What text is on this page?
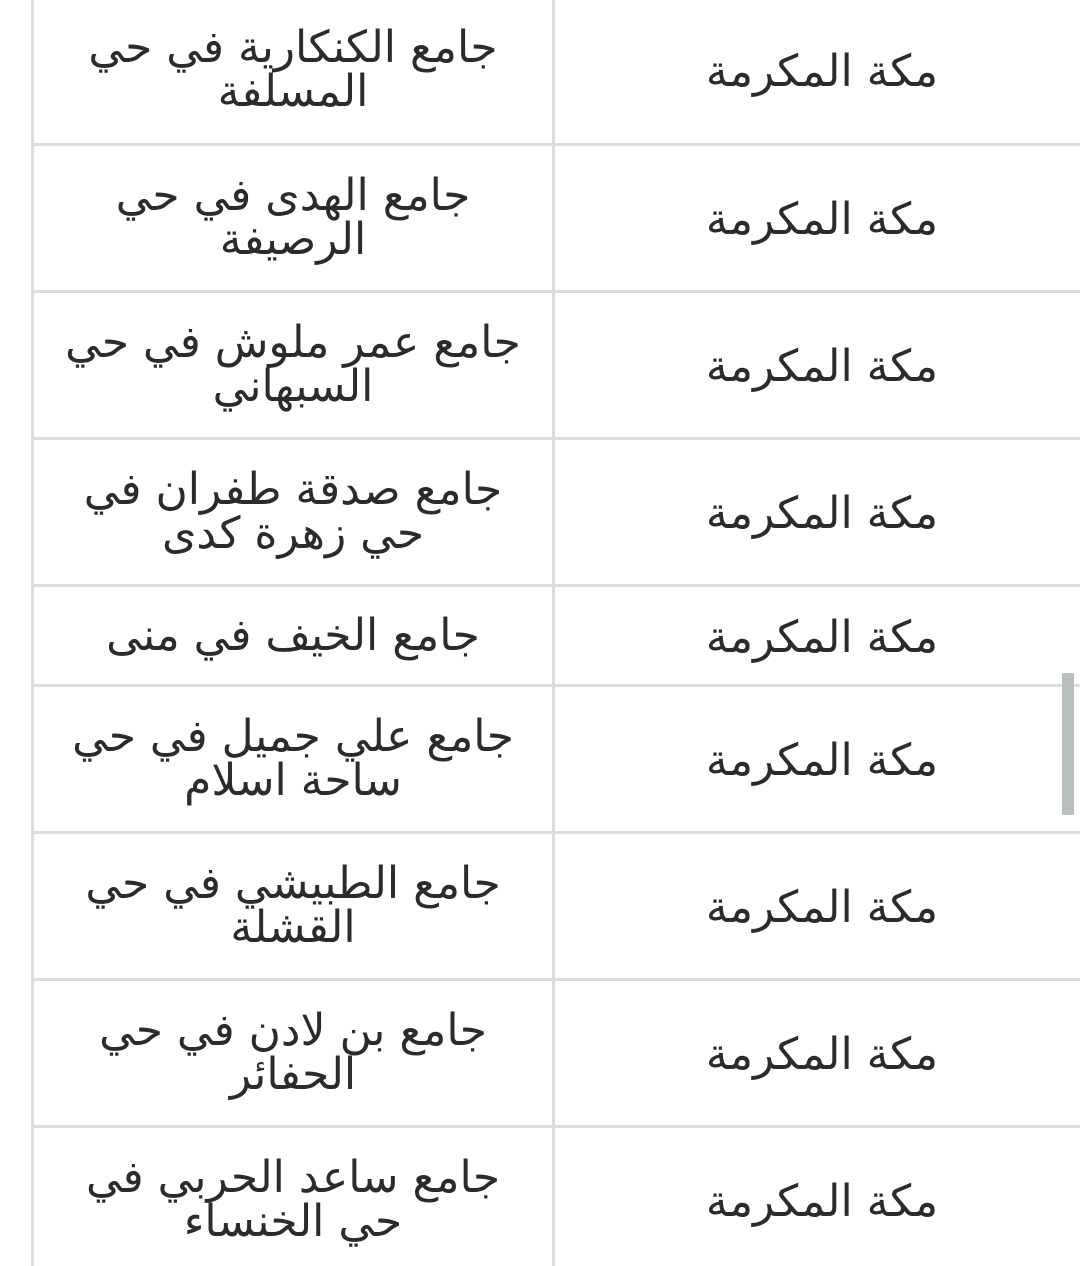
مكة المكرمة	جامع الكنكارية في حي المسلفة
مكة المكرمة	جامع الهدى في حي الرصيفة
مكة المكرمة	جامع عمر ملوش في حي السبهاني
مكة المكرمة	جامع صدقة طفران في حي زهرة كدى
مكة المكرمة	جامع الخيف في منى
مكة المكرمة	جامع علي جميل في حي ساحة اسلام
مكة المكرمة	جامع الطبيشي في حي القشلة
مكة المكرمة	جامع بن لادن في حي الحفائر
مكة المكرمة	جامع ساعد الحربي في حي الخنساء
